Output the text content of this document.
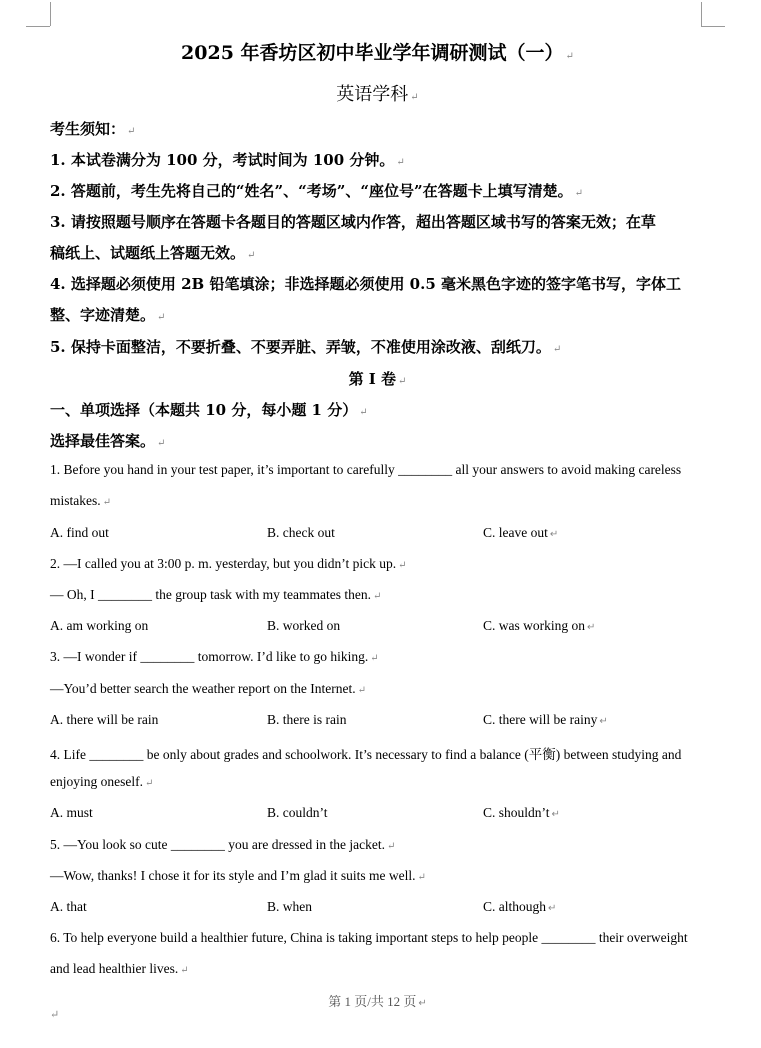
2025 年香坊区初中毕业学年调研测试（一） ↵
英语学科 ↵
考生须知： ↵
1. 本试卷满分为 100 分，考试时间为 100 分钟。 ↵
2. 答题前，考生先将自己的“姓名”、“考场”、“座位号”在答题卡上填写清楚。 ↵
3. 请按照题号顺序在答题卡各题目的答题区域内作答，超出答题区域书写的答案无效；在草
稿纸上、试题纸上答题无效。 ↵
4. 选择题必须使用 2B 铅笔填涂；非选择题必须使用 0.5 毫米黑色字迹的签字笔书写，字体工
整、字迹清楚。 ↵
5. 保持卡面整洁，不要折叠、不要弄脏、弄皱，不准使用涂改液、刮纸刀。 ↵
第 I 卷 ↵
一、单项选择（本题共 10 分，每小题 1 分） ↵
选择最佳答案。 ↵
1. Before you hand in your test paper, it’s important to carefully ________ all your answers to avoid making careless
mistakes. ↵
A. find out	B. check out	C. leave out ↵
2. —I called you at 3:00 p. m. yesterday, but you didn’t pick up. ↵
— Oh, I ________ the group task with my teammates then. ↵
A. am working on	B. worked on	C. was working on ↵
3. —I wonder if ________ tomorrow. I’d like to go hiking. ↵
—You’d better search the weather report on the Internet. ↵
A. there will be rain	B. there is rain	C. there will be rainy ↵
4. Life ________ be only about grades and schoolwork. It’s necessary to find a balance (平衡) between studying and
enjoying oneself. ↵
A. must	B. couldn’t	C. shouldn’t ↵
5. —You look so cute ________ you are dressed in the jacket. ↵
—Wow, thanks! I chose it for its style and I’m glad it suits me well. ↵
A. that	B. when	C. although ↵
6. To help everyone build a healthier future, China is taking important steps to help people ________ their overweight
and lead healthier lives. ↵
第 1 页/共 12 页 ↵
↵
